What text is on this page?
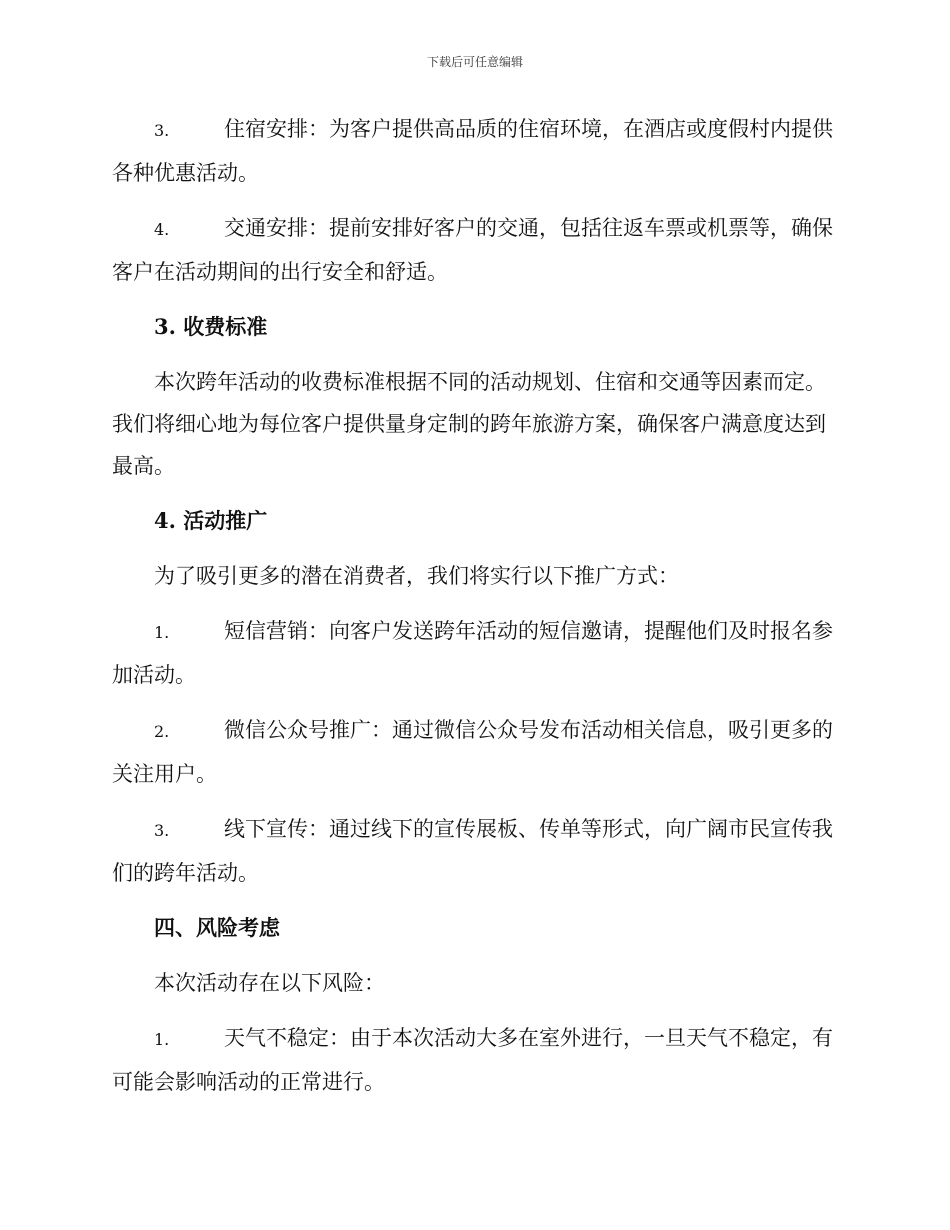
下载后可任意编辑

3.	住宿安排：为客户提供高品质的住宿环境，在酒店或度假村内提供各种优惠活动。

4.	交通安排：提前安排好客户的交通，包括往返车票或机票等，确保客户在活动期间的出行安全和舒适。

3. 收费标准

本次跨年活动的收费标准根据不同的活动规划、住宿和交通等因素而定。我们将细心地为每位客户提供量身定制的跨年旅游方案，确保客户满意度达到最高。

4. 活动推广

为了吸引更多的潜在消费者，我们将实行以下推广方式：

1.	短信营销：向客户发送跨年活动的短信邀请，提醒他们及时报名参加活动。

2.	微信公众号推广：通过微信公众号发布活动相关信息，吸引更多的关注用户。

3.	线下宣传：通过线下的宣传展板、传单等形式，向广阔市民宣传我们的跨年活动。

四、风险考虑

本次活动存在以下风险：

1.	天气不稳定：由于本次活动大多在室外进行，一旦天气不稳定，有可能会影响活动的正常进行。
